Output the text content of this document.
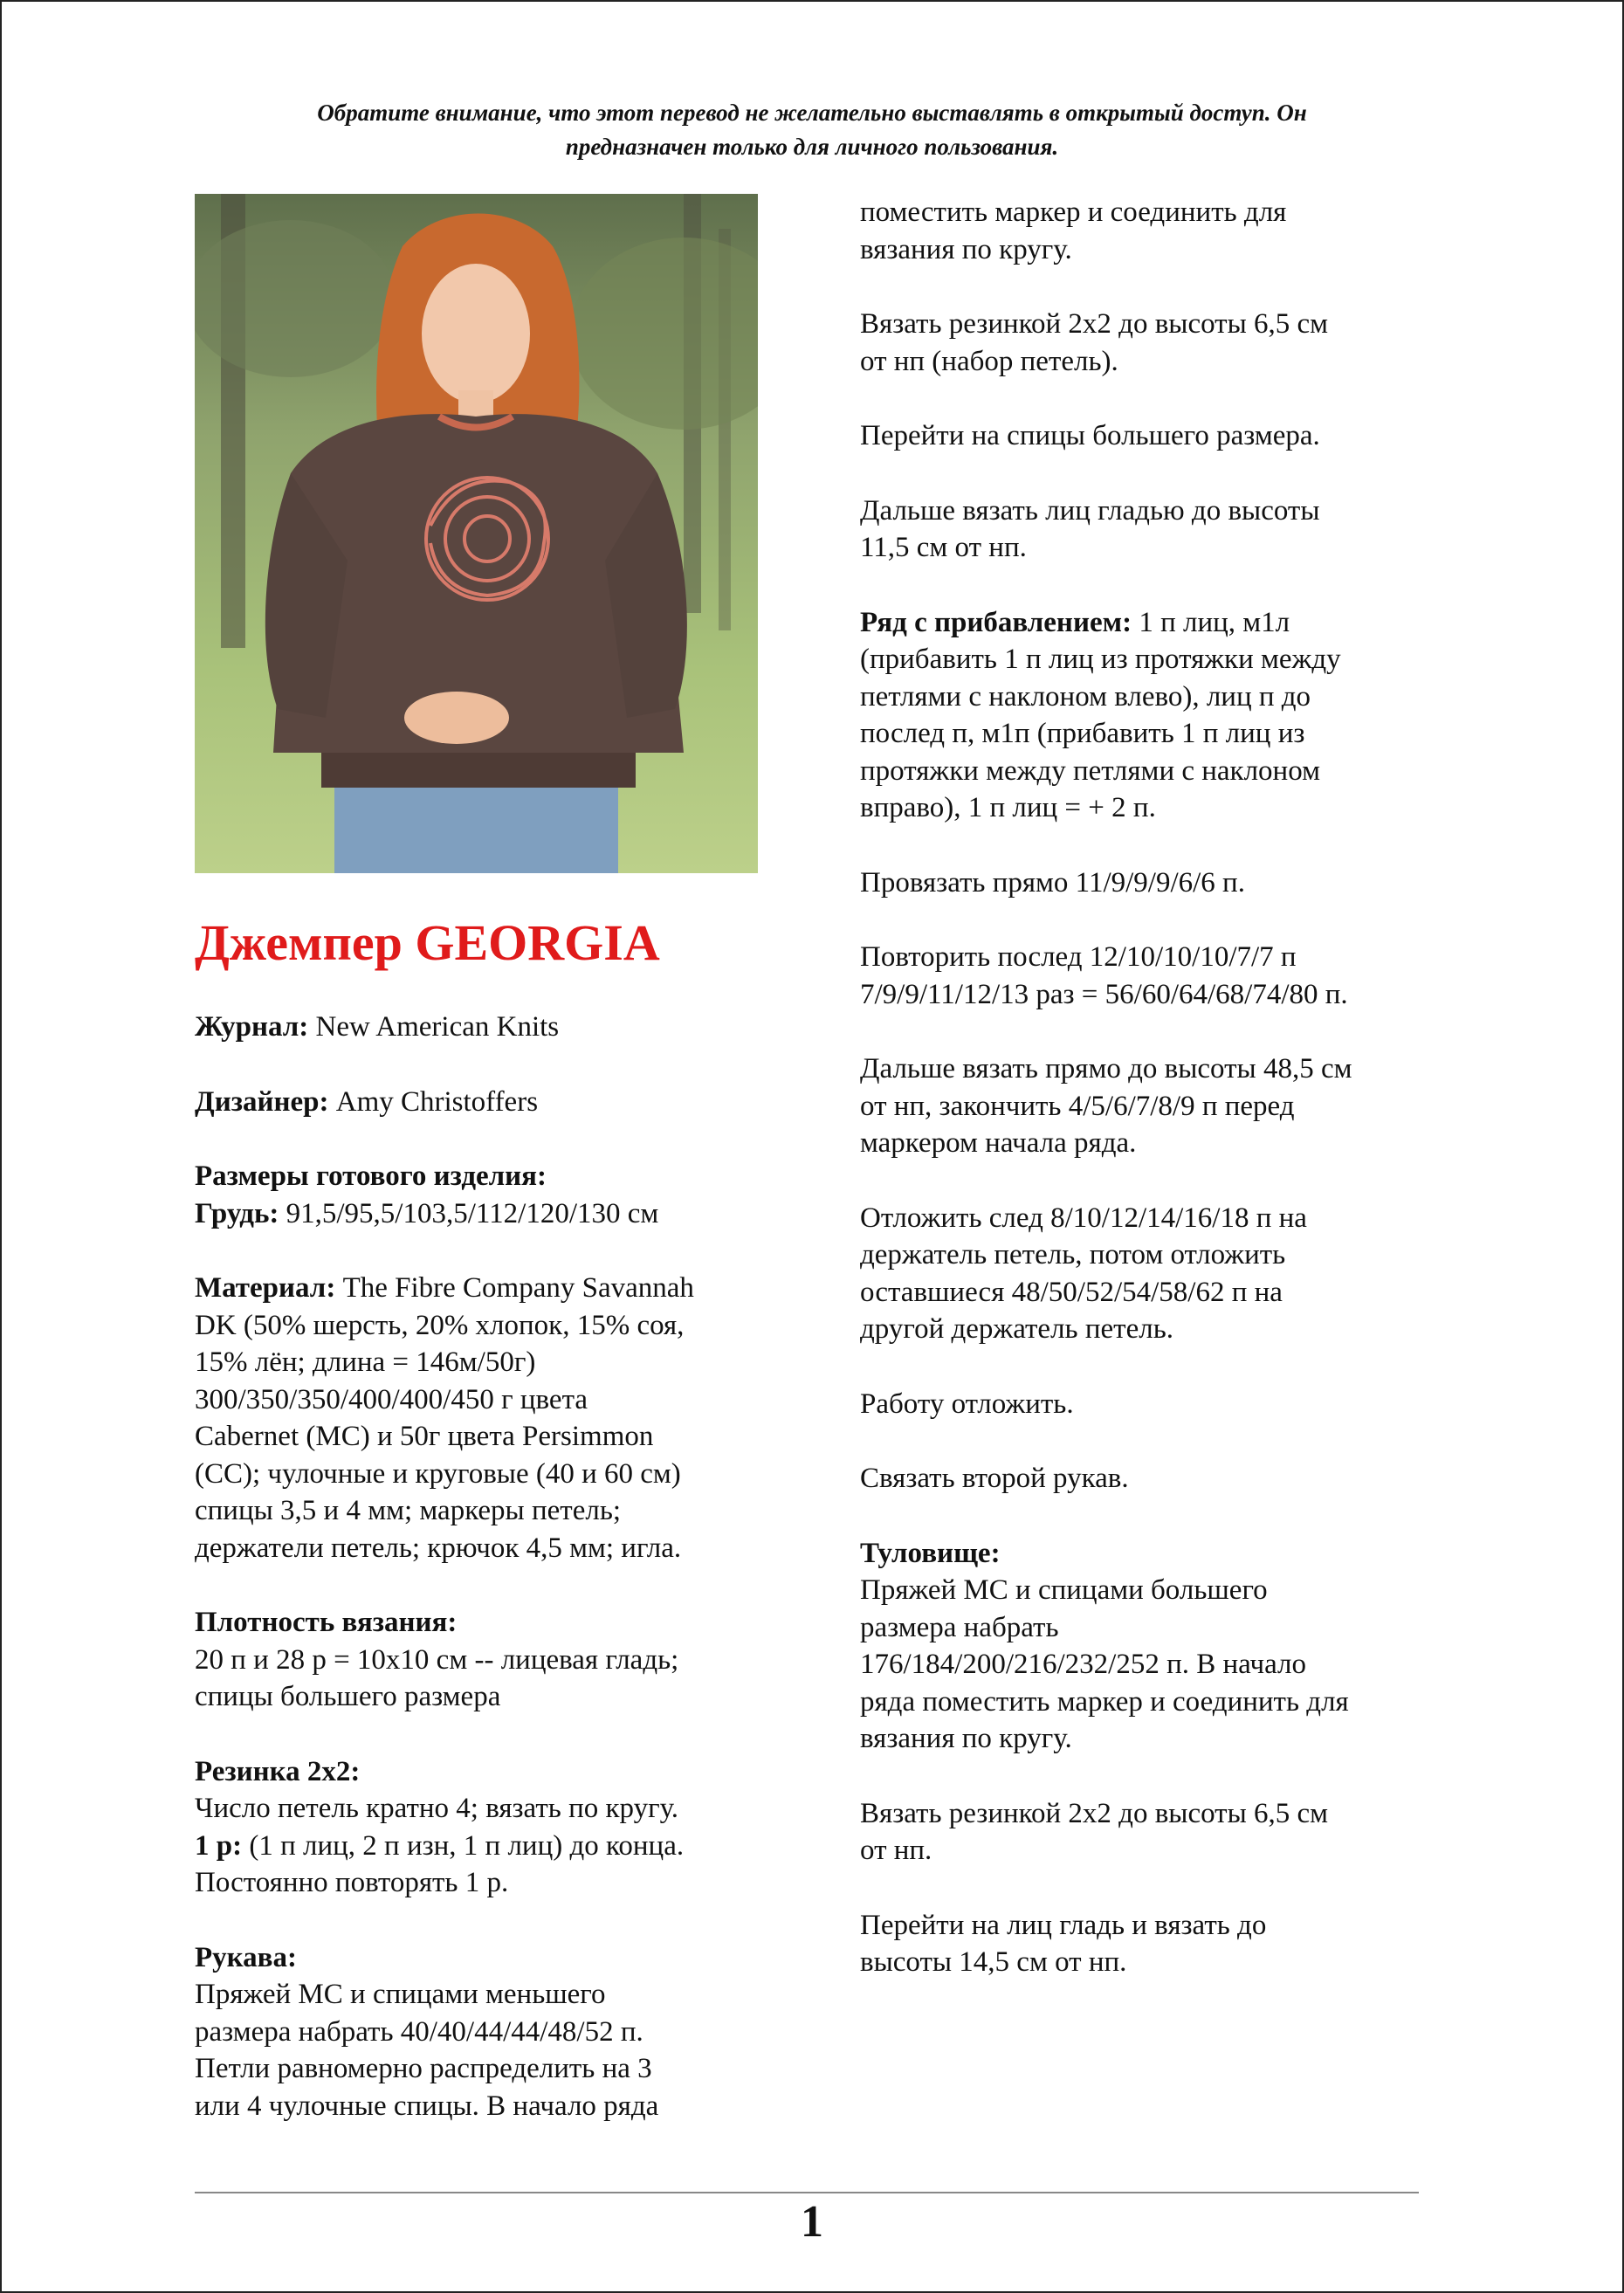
Обратите внимание, что этот перевод не желательно выставлять в открытый доступ. Он
предназначен только для личного пользования.
Джемпер GEORGIA

Журнал: New American Knits

Дизайнер: Amy Christoffers

Размеры готового изделия:
Грудь: 91,5/95,5/103,5/112/120/130 см

Материал: The Fibre Company Savannah
DK (50% шерсть, 20% хлопок, 15% соя,
15% лён; длина = 146м/50г)
300/350/350/400/400/450 г цвета
Cabernet (MC) и 50г цвета Persimmon
(CC); чулочные и круговые (40 и 60 см)
спицы 3,5 и 4 мм; маркеры петель;
держатели петель; крючок 4,5 мм; игла.

Плотность вязания:
20 п и 28 р = 10х10 см -- лицевая гладь;
спицы большего размера

Резинка 2х2:
Число петель кратно 4; вязать по кругу.
1 р: (1 п лиц, 2 п изн, 1 п лиц) до конца.
Постоянно повторять 1 р.

Рукава:
Пряжей МС и спицами меньшего
размера набрать 40/40/44/44/48/52 п.
Петли равномерно распределить на 3
или 4 чулочные спицы. В начало ряда

поместить маркер и соединить для
вязания по кругу.

Вязать резинкой 2х2 до высоты 6,5 см
от нп (набор петель).

Перейти на спицы большего размера.

Дальше вязать лиц гладью до высоты
11,5 см от нп.

Ряд с прибавлением: 1 п лиц, м1л
(прибавить 1 п лиц из протяжки между
петлями с наклоном влево), лиц п до
послед п, м1п (прибавить 1 п лиц из
протяжки между петлями с наклоном
вправо), 1 п лиц = + 2 п.

Провязать прямо 11/9/9/9/6/6 п.

Повторить послед 12/10/10/10/7/7 п
7/9/9/11/12/13 раз = 56/60/64/68/74/80 п.

Дальше вязать прямо до высоты 48,5 см
от нп, закончить 4/5/6/7/8/9 п перед
маркером начала ряда.

Отложить след 8/10/12/14/16/18 п на
держатель петель, потом отложить
оставшиеся 48/50/52/54/58/62 п на
другой держатель петель.

Работу отложить.

Связать второй рукав.

Туловище:
Пряжей МС и спицами большего
размера набрать
176/184/200/216/232/252 п. В начало
ряда поместить маркер и соединить для
вязания по кругу.

Вязать резинкой 2х2 до высоты 6,5 см
от нп.

Перейти на лиц гладь и вязать до
высоты 14,5 см от нп.

1
